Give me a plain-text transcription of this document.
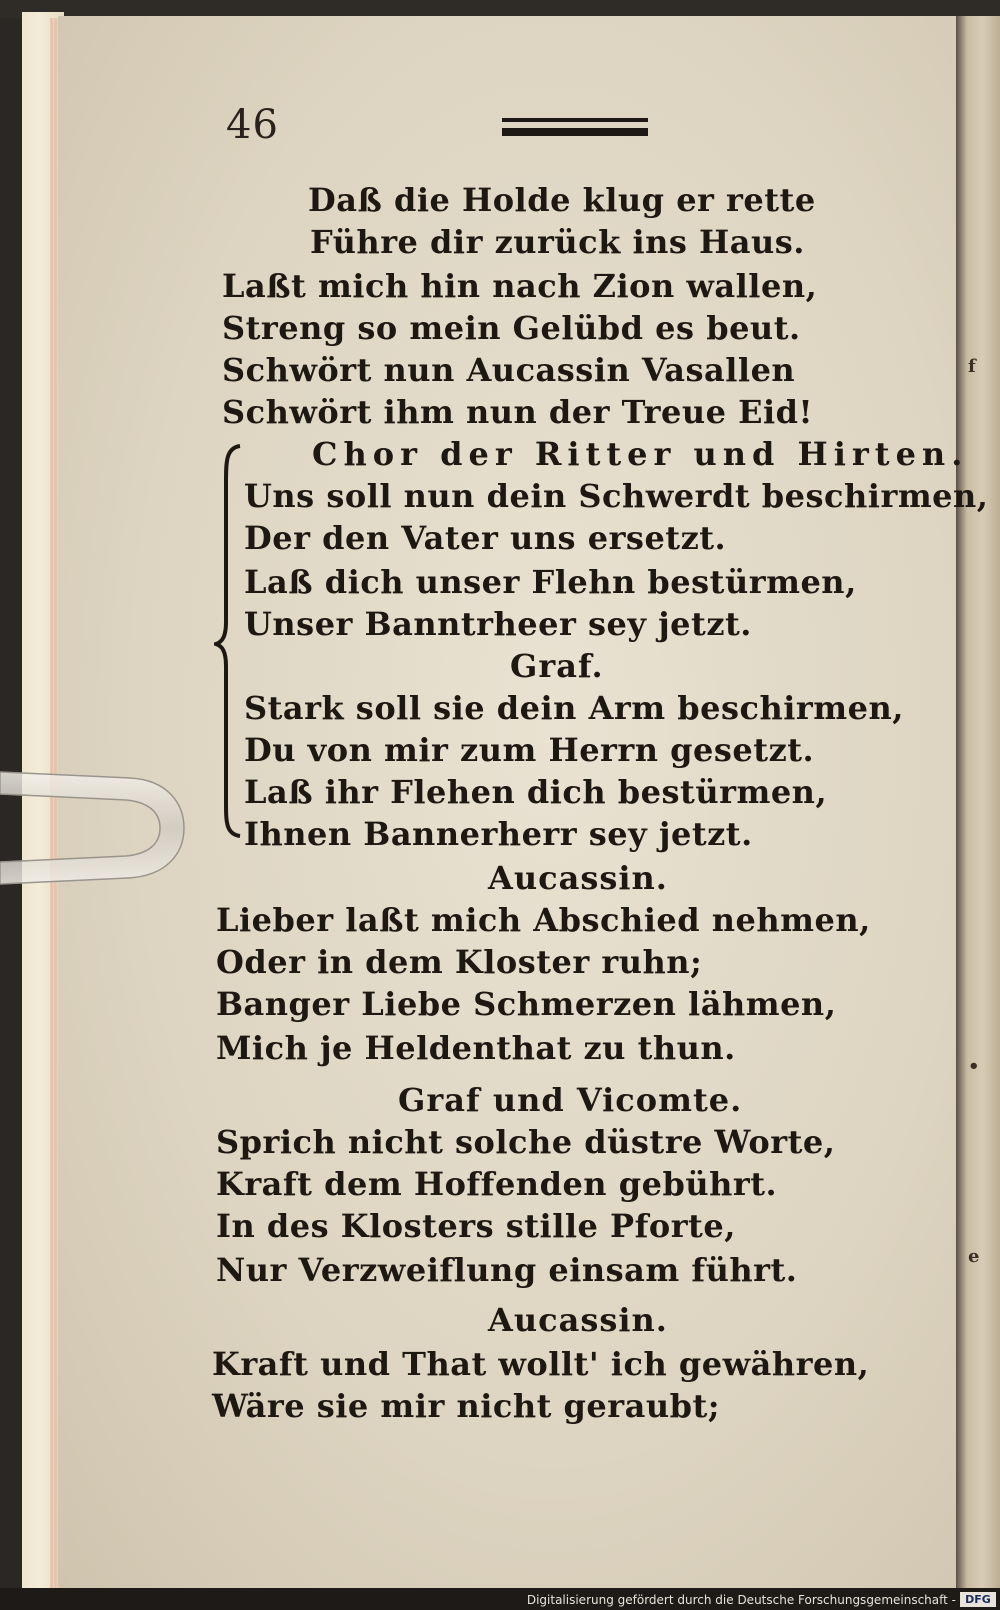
f
•
e
46
Daß die Holde klug er rette
Führe dir zurück ins Haus.
Laßt mich hin nach Zion wallen,
Streng so mein Gelübd es beut.
Schwört nun Aucassin Vasallen
Schwört ihm nun der Treue Eid!
Chor der Ritter und Hirten.
Uns soll nun dein Schwerdt beschirmen,
Der den Vater uns ersetzt.
Laß dich unser Flehn bestürmen,
Unser Banntrheer sey jetzt.
Graf.
Stark soll sie dein Arm beschirmen,
Du von mir zum Herrn gesetzt.
Laß ihr Flehen dich bestürmen,
Ihnen Bannerherr sey jetzt.
Aucassin.
Lieber laßt mich Abschied nehmen,
Oder in dem Kloster ruhn;
Banger Liebe Schmerzen lähmen,
Mich je Heldenthat zu thun.
Graf und Vicomte.
Sprich nicht solche düstre Worte,
Kraft dem Hoffenden gebührt.
In des Klosters stille Pforte,
Nur Verzweiflung einsam führt.
Aucassin.
Kraft und That wollt' ich gewähren,
Wäre sie mir nicht geraubt;
Digitalisierung gefördert durch die Deutsche Forschungsgemeinschaft - DFG
